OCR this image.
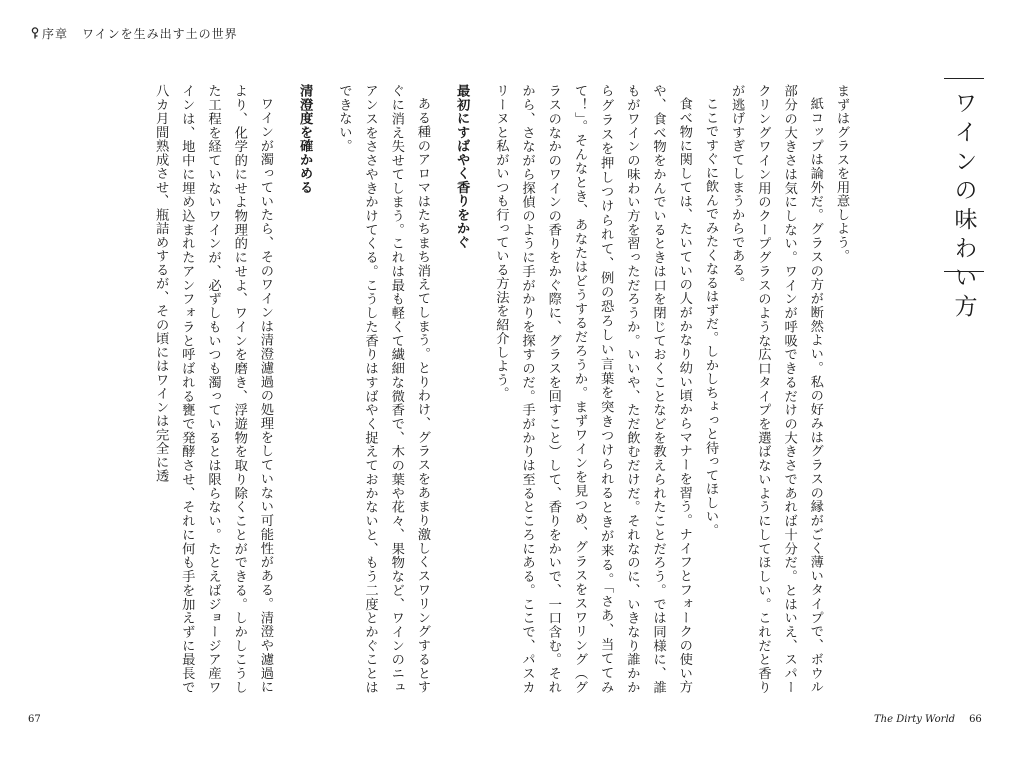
序章 ワインを生み出す土の世界
ワインの味わい方

まずはグラスを用意しよう。

紙コップは論外だ。グラスの方が断然よい。私の好みはグラスの縁がごく薄いタイプで、ボウル部分の大きさは気にしない。ワインが呼吸できるだけの大きさであれば十分だ。とはいえ、スパークリングワイン用のクープグラスのような広口タイプを選ばないようにしてほしい。これだと香りが逃げすぎてしまうからである。

ここですぐに飲んでみたくなるはずだ。しかしちょっと待ってほしい。

食べ物に関しては、たいていの人がかなり幼い頃からマナーを習う。ナイフとフォークの使い方や、食べ物をかんでいるときは口を閉じておくことなどを教えられたことだろう。では同様に、誰もがワインの味わい方を習っただろうか。いいや、ただ飲むだけだ。それなのに、いきなり誰かからグラスを押しつけられて、例の恐ろしい言葉を突きつけられるときが来る。「さあ、当ててみて！」。そんなとき、あなたはどうするだろうか。まずワインを見つめ、グラスをスワリング（グラスのなかのワインの香りをかぐ際に、グラスを回すこと）して、香りをかいで、一口含む。それから、さながら探偵のように手がかりを探すのだ。手がかりは至るところにある。ここで、パスカリーヌと私がいつも行っている方法を紹介しよう。

最初にすばやく香りをかぐ

ある種のアロマはたちまち消えてしまう。とりわけ、グラスをあまり激しくスワリングするとすぐに消え失せてしまう。これは最も軽くて繊細な微香で、木の葉や花々、果物など、ワインのニュアンスをささやきかけてくる。こうした香りはすばやく捉えておかないと、もう二度とかぐことはできない。

清澄度を確かめる

ワインが濁っていたら、そのワインは清澄濾過の処理をしていない可能性がある。清澄や濾過により、化学的にせよ物理的にせよ、ワインを磨き、浮遊物を取り除くことができる。しかしこうした工程を経ていないワインが、必ずしもいつも濁っているとは限らない。たとえばジョージア産ワインは、地中に埋め込まれたアンフォラと呼ばれる甕で発酵させ、それに何も手を加えずに最長で八カ月間熟成させ、瓶詰めするが、その頃にはワインは完全に透

67	The Dirty World 66
